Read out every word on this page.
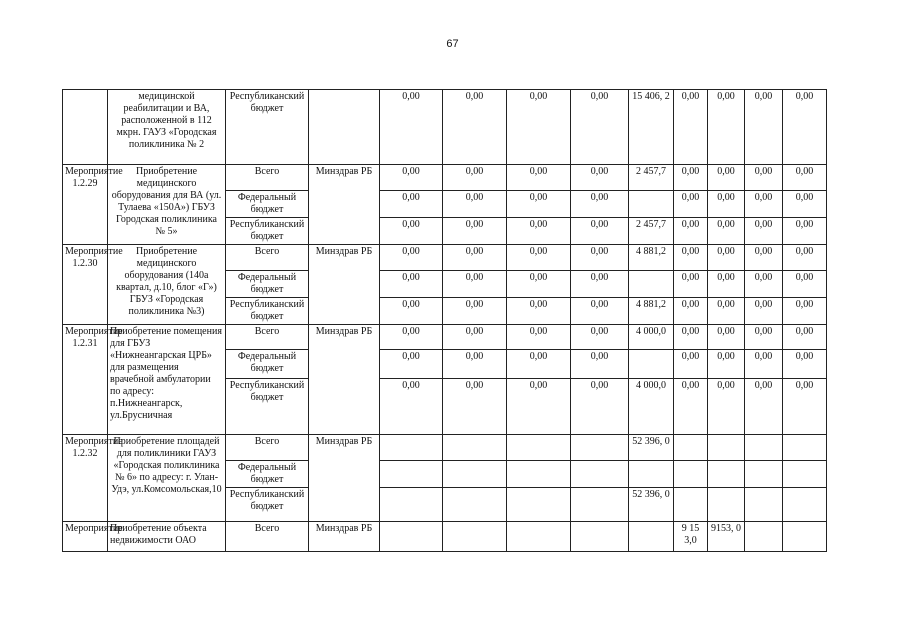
67
	медицинской реабилитации и ВА, расположенной в 112 мкрн. ГАУЗ «Городская поликлиника № 2	Республиканский бюджет		0,00	0,00	0,00	0,00	15 406, 2	0,00	0,00	0,00	0,00
Мероприятие 1.2.29	Приобретение медицинского оборудования для ВА (ул. Тулаева «150А») ГБУЗ Городская поликлиника № 5»	Всего	Минздрав РБ	0,00	0,00	0,00	0,00	2 457,7	0,00	0,00	0,00	0,00
		Федеральный бюджет		0,00	0,00	0,00	0,00		0,00	0,00	0,00	0,00
		Республиканский бюджет		0,00	0,00	0,00	0,00	2 457,7	0,00	0,00	0,00	0,00
Мероприятие 1.2.30	Приобретение медицинского оборудования (140а квартал, д.10, блог «Г») ГБУЗ «Городская поликлиника №3)	Всего	Минздрав РБ	0,00	0,00	0,00	0,00	4 881,2	0,00	0,00	0,00	0,00
		Федеральный бюджет		0,00	0,00	0,00	0,00		0,00	0,00	0,00	0,00
		Республиканский бюджет		0,00	0,00	0,00	0,00	4 881,2	0,00	0,00	0,00	0,00
Мероприятие 1.2.31	Приобретение помещения для ГБУЗ «Нижнеангарская ЦРБ» для размещения врачебной амбулатории по адресу: п.Нижнеангарск, ул.Брусничная	Всего	Минздрав РБ	0,00	0,00	0,00	0,00	4 000,0	0,00	0,00	0,00	0,00
		Федеральный бюджет		0,00	0,00	0,00	0,00		0,00	0,00	0,00	0,00
		Республиканский бюджет		0,00	0,00	0,00	0,00	4 000,0	0,00	0,00	0,00	0,00
Мероприятие 1.2.32	Приобретение площадей для поликлиники ГАУЗ «Городская поликлиника № 6» по адресу: г. Улан-Удэ, ул.Комсомольская,10	Всего	Минздрав РБ					52 396, 0				
		Федеральный бюджет										
		Республиканский бюджет						52 396, 0				
Мероприятие	Приобретение объекта недвижимости ОАО	Всего	Минздрав РБ						9 15 3,0	9153, 0		
